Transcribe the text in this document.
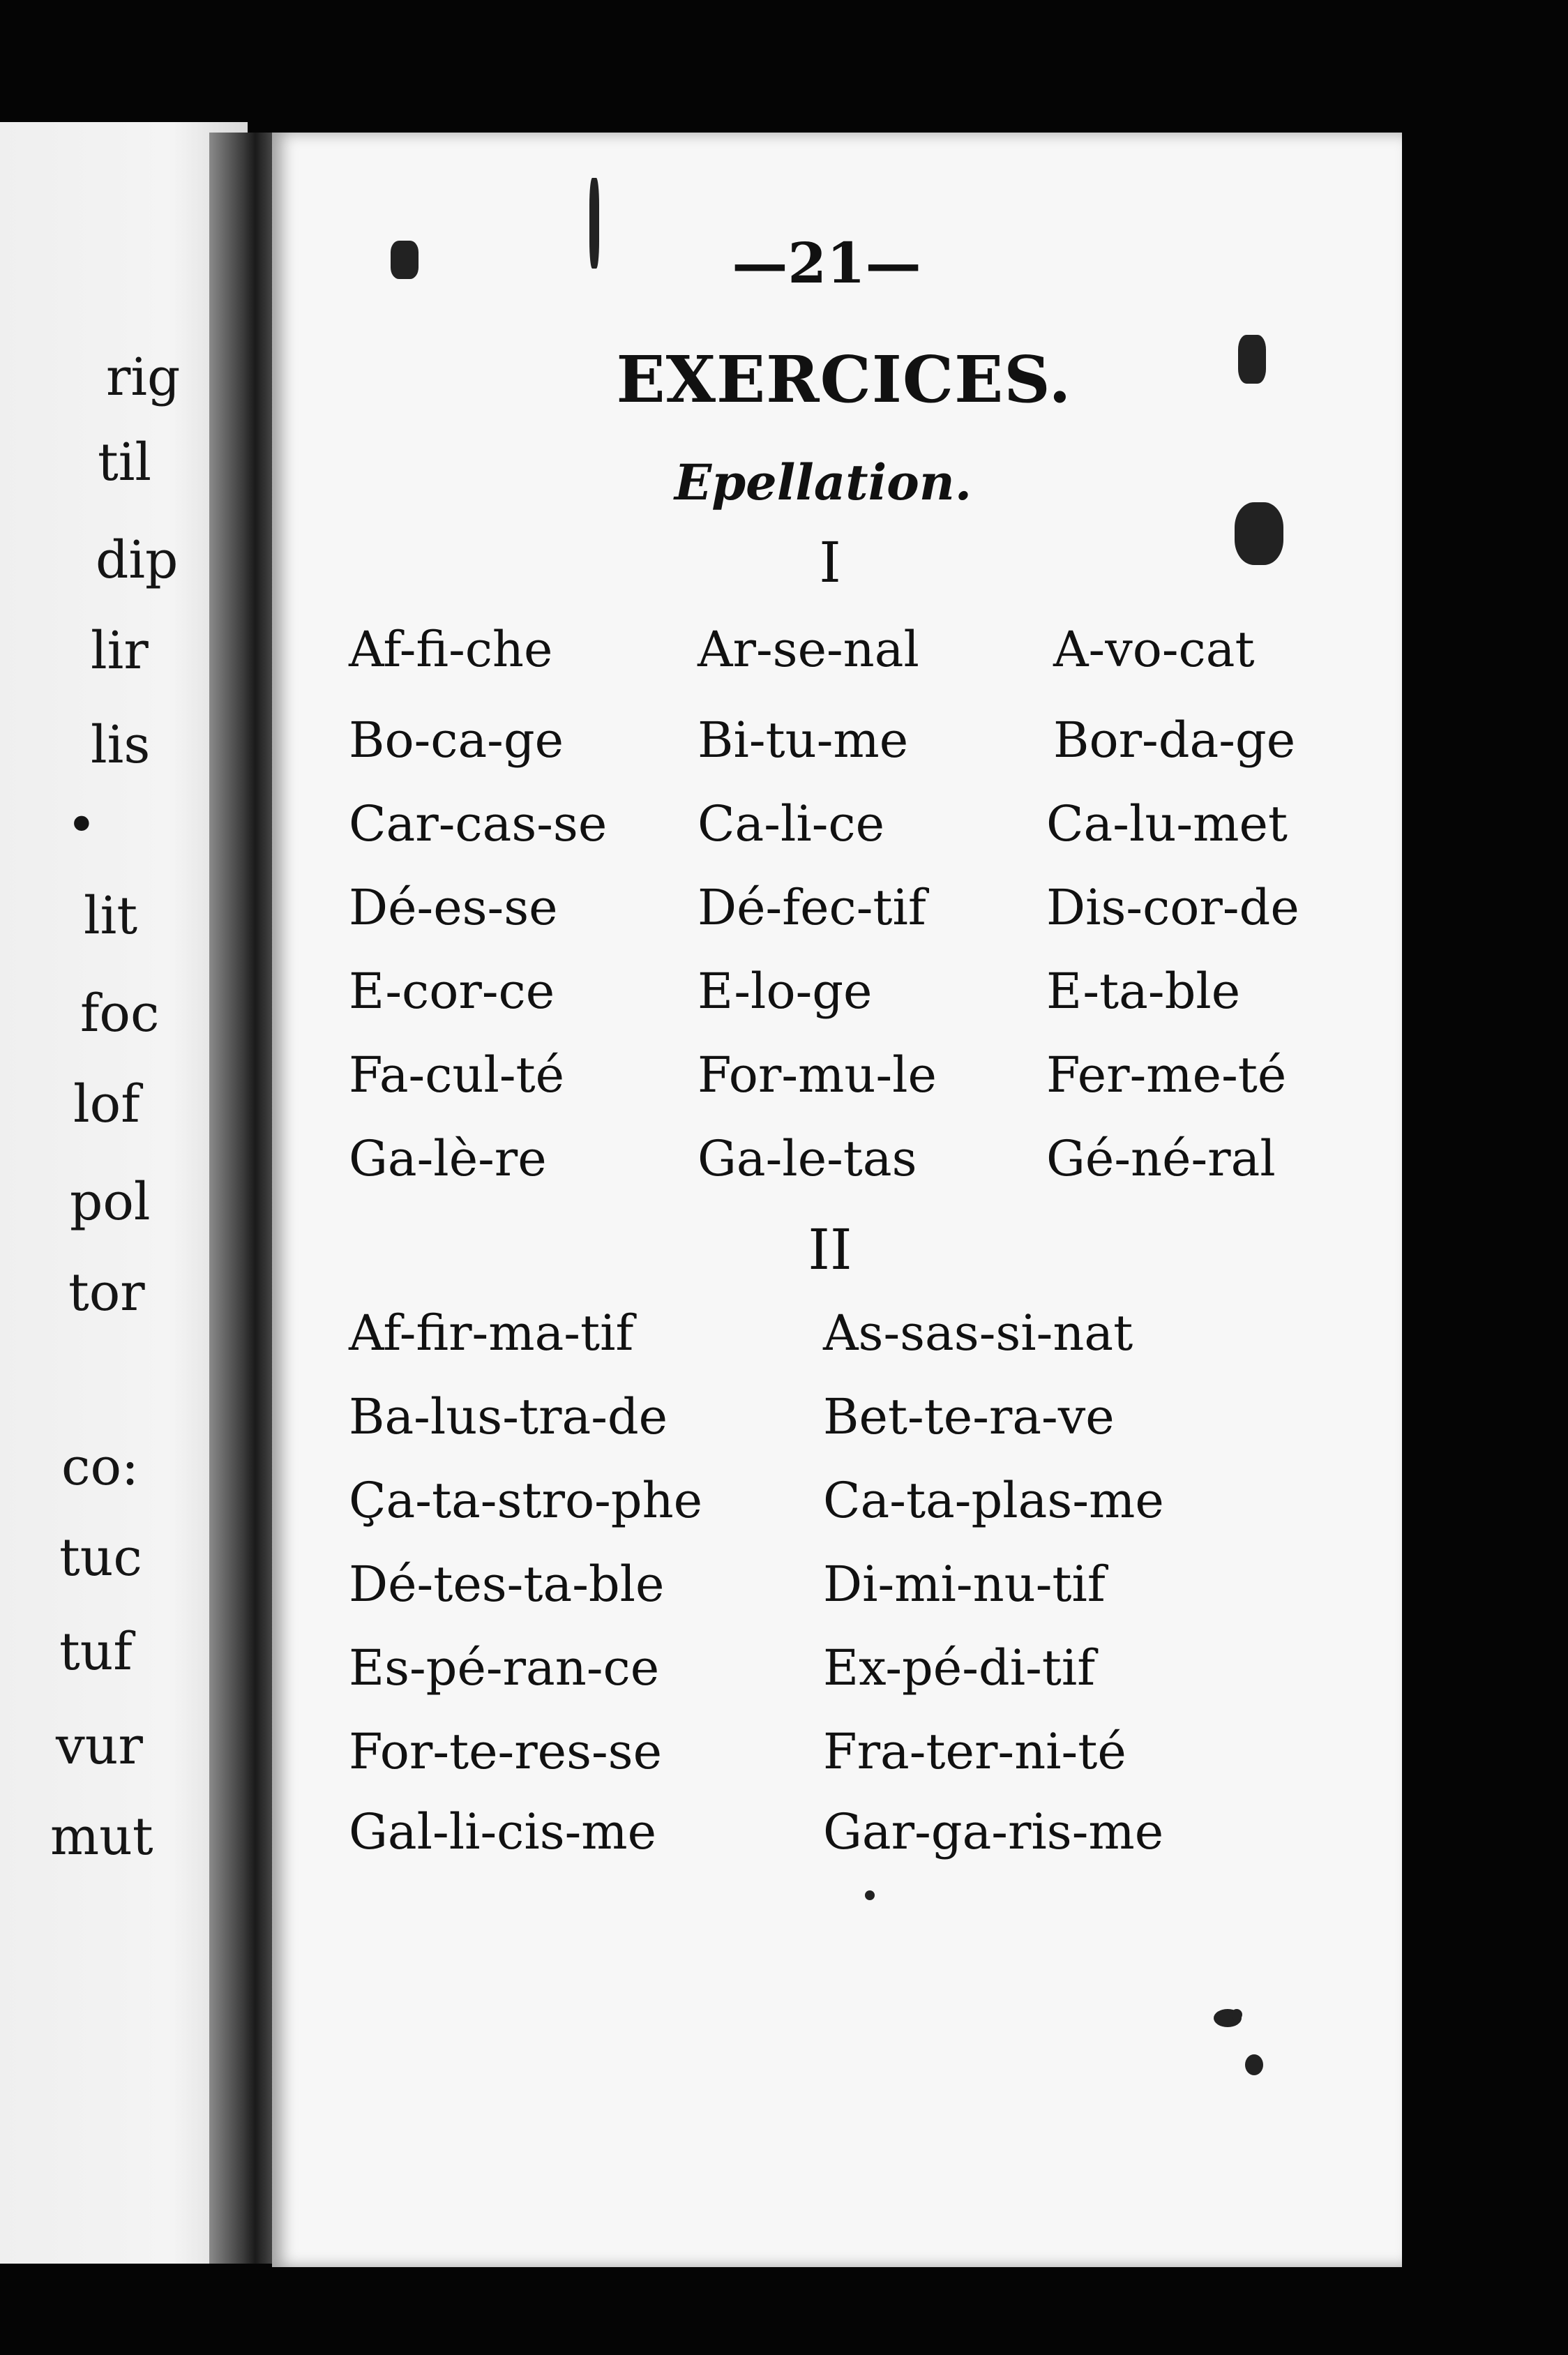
rig
til
dip
lir
lis
•
lit
foc
lof
pol
tor
co:
tuc
tuf
vur
mut
—21—
EXERCICES.
Epellation.
I
Af-fi-che	Ar-se-nal	A-vo-cat
Bo-ca-ge	Bi-tu-me	Bor-da-ge
Car-cas-se Ca-li-ce	Ca-lu-met
Dé-es-se	Dé-fec-tif Dis-cor-de
E-cor-ce	E-lo-ge	E-ta-ble
Fa-cul-té	For-mu-le Fer-me-té
Ga-lè-re	Ga-le-tas	Gé-né-ral
II
Af-fir-ma-tif	As-sas-si-nat
Ba-lus-tra-de	Bet-te-ra-ve
Ça-ta-stro-phe Ca-ta-plas-me
Dé-tes-ta-ble	Di-mi-nu-tif
Es-pé-ran-ce	Ex-pé-di-tif
For-te-res-se	Fra-ter-ni-té
Gal-li-cis-me	Gar-ga-ris-me
